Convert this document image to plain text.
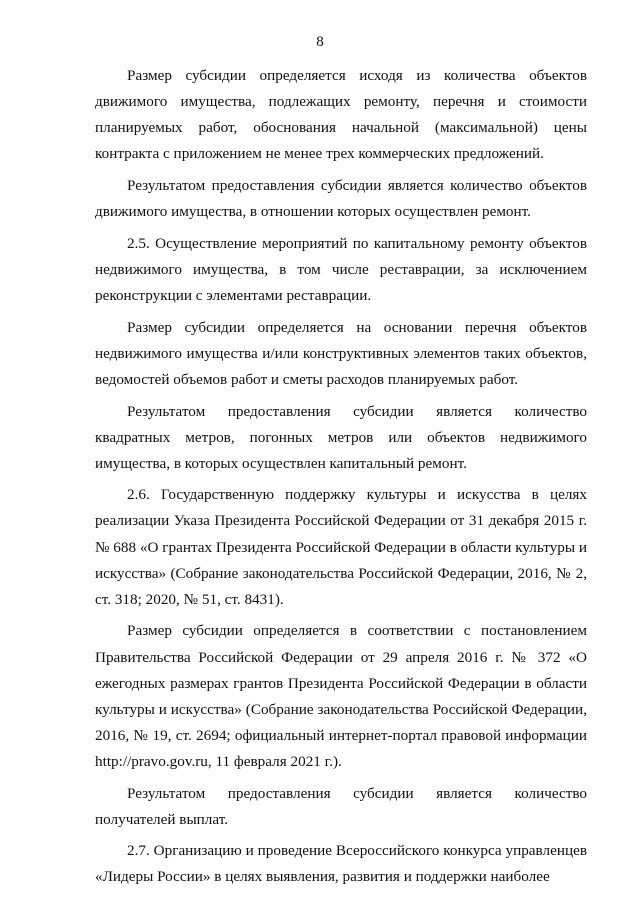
8

Размер субсидии определяется исходя из количества объектов движимого имущества, подлежащих ремонту, перечня и стоимости планируемых работ, обоснования начальной (максимальной) цены контракта с приложением не менее трех коммерческих предложений.

Результатом предоставления субсидии является количество объектов движимого имущества, в отношении которых осуществлен ремонт.

2.5. Осуществление мероприятий по капитальному ремонту объектов недвижимого имущества, в том числе реставрации, за исключением реконструкции с элементами реставрации.

Размер субсидии определяется на основании перечня объектов недвижимого имущества и/или конструктивных элементов таких объектов, ведомостей объемов работ и сметы расходов планируемых работ.

Результатом предоставления субсидии является количество квадратных метров, погонных метров или объектов недвижимого имущества, в которых осуществлен капитальный ремонт.

2.6. Государственную поддержку культуры и искусства в целях реализации Указа Президента Российской Федерации от 31 декабря 2015 г. № 688 «О грантах Президента Российской Федерации в области культуры и искусства» (Собрание законодательства Российской Федерации, 2016, № 2, ст. 318; 2020, № 51, ст. 8431).

Размер субсидии определяется в соответствии с постановлением Правительства Российской Федерации от 29 апреля 2016 г. № 372 «О ежегодных размерах грантов Президента Российской Федерации в области культуры и искусства» (Собрание законодательства Российской Федерации, 2016, № 19, ст. 2694; официальный интернет-портал правовой информации http://pravo.gov.ru, 11 февраля 2021 г.).

Результатом предоставления субсидии является количество получателей выплат.

2.7. Организацию и проведение Всероссийского конкурса управленцев «Лидеры России» в целях выявления, развития и поддержки наиболее
